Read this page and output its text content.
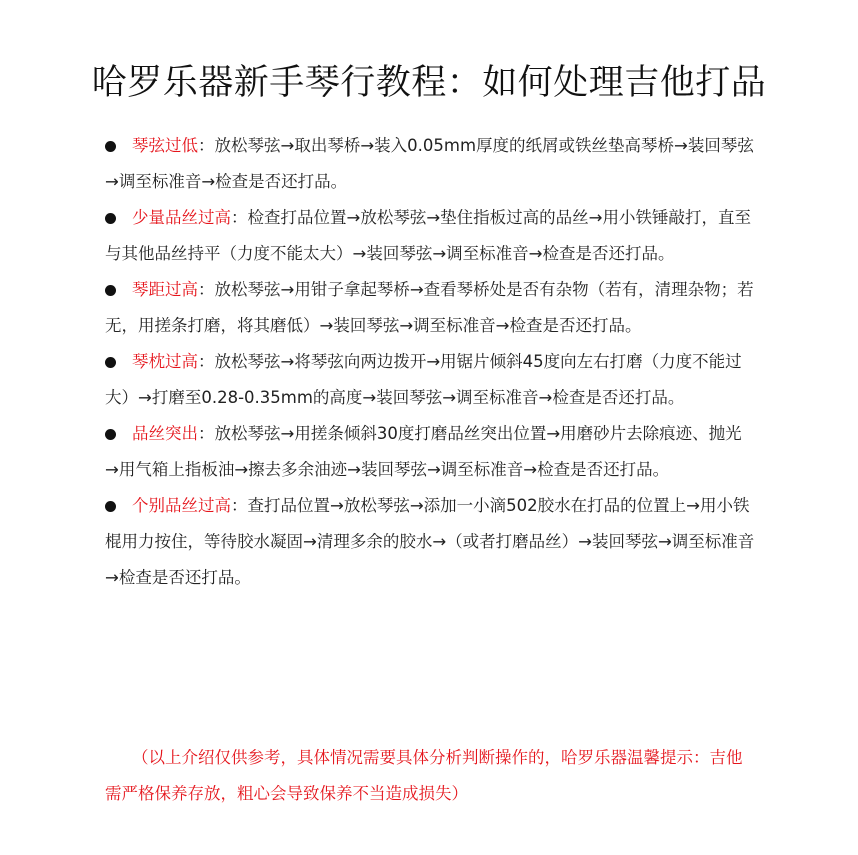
哈罗乐器新手琴行教程：如何处理吉他打品
琴弦过低：放松琴弦→取出琴桥→装入0.05mm厚度的纸屑或铁丝垫高琴桥→装回琴弦→调至标准音→检查是否还打品。
少量品丝过高：检查打品位置→放松琴弦→垫住指板过高的品丝→用小铁锤敲打，直至与其他品丝持平（力度不能太大）→装回琴弦→调至标准音→检查是否还打品。
琴距过高：放松琴弦→用钳子拿起琴桥→查看琴桥处是否有杂物（若有，清理杂物；若无，用搓条打磨，将其磨低）→装回琴弦→调至标准音→检查是否还打品。
琴枕过高：放松琴弦→将琴弦向两边拨开→用锯片倾斜45度向左右打磨（力度不能过大）→打磨至0.28-0.35mm的高度→装回琴弦→调至标准音→检查是否还打品。
品丝突出：放松琴弦→用搓条倾斜30度打磨品丝突出位置→用磨砂片去除痕迹、抛光→用气箱上指板油→擦去多余油迹→装回琴弦→调至标准音→检查是否还打品。
个别品丝过高：查打品位置→放松琴弦→添加一小滴502胶水在打品的位置上→用小铁棍用力按住，等待胶水凝固→清理多余的胶水→（或者打磨品丝）→装回琴弦→调至标准音→检查是否还打品。
（以上介绍仅供参考，具体情况需要具体分析判断操作的，哈罗乐器温馨提示：吉他需严格保养存放，粗心会导致保养不当造成损失）
